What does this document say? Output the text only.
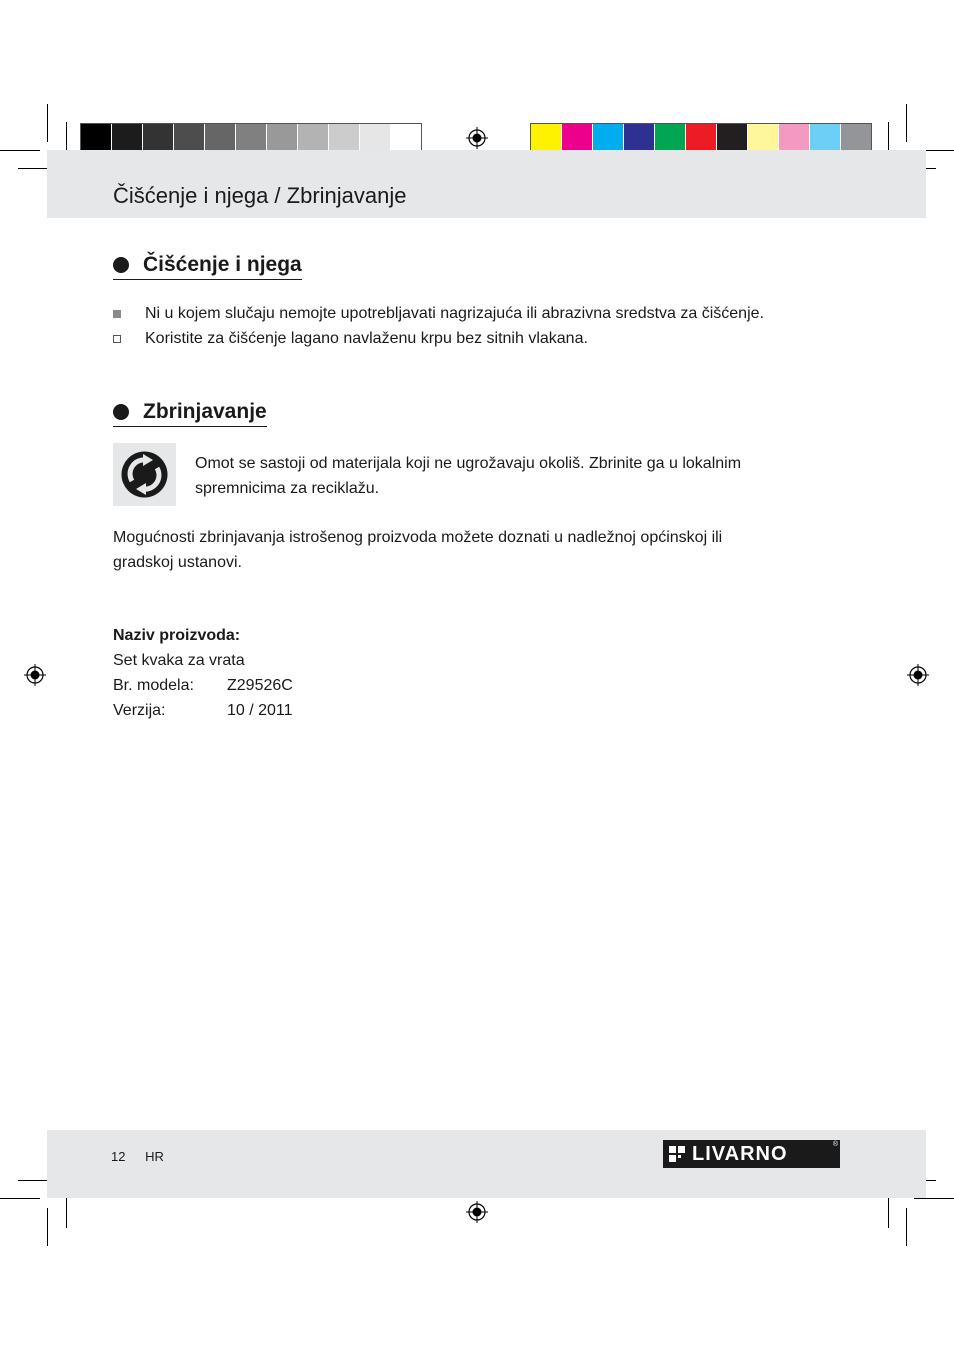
Čišćenje i njega / Zbrinjavanje
Čišćenje i njega
Ni u kojem slučaju nemojte upotrebljavati nagrizajuća ili abrazivna sredstva za čišćenje.
Koristite za čišćenje lagano navlaženu krpu bez sitnih vlakana.
Zbrinjavanje
Omot se sastoji od materijala koji ne ugrožavaju okoliš. Zbrinite ga u lokalnim
spremnicima za reciklažu.
Mogućnosti zbrinjavanja istrošenog proizvoda možete doznati u nadležnoj općinskoj ili
gradskoj ustanovi.
Naziv proizvoda:
Set kvaka za vrata
Br. modela:	Z29526C
Verzija:	10 / 2011
12 HR	LIVARNO	®
